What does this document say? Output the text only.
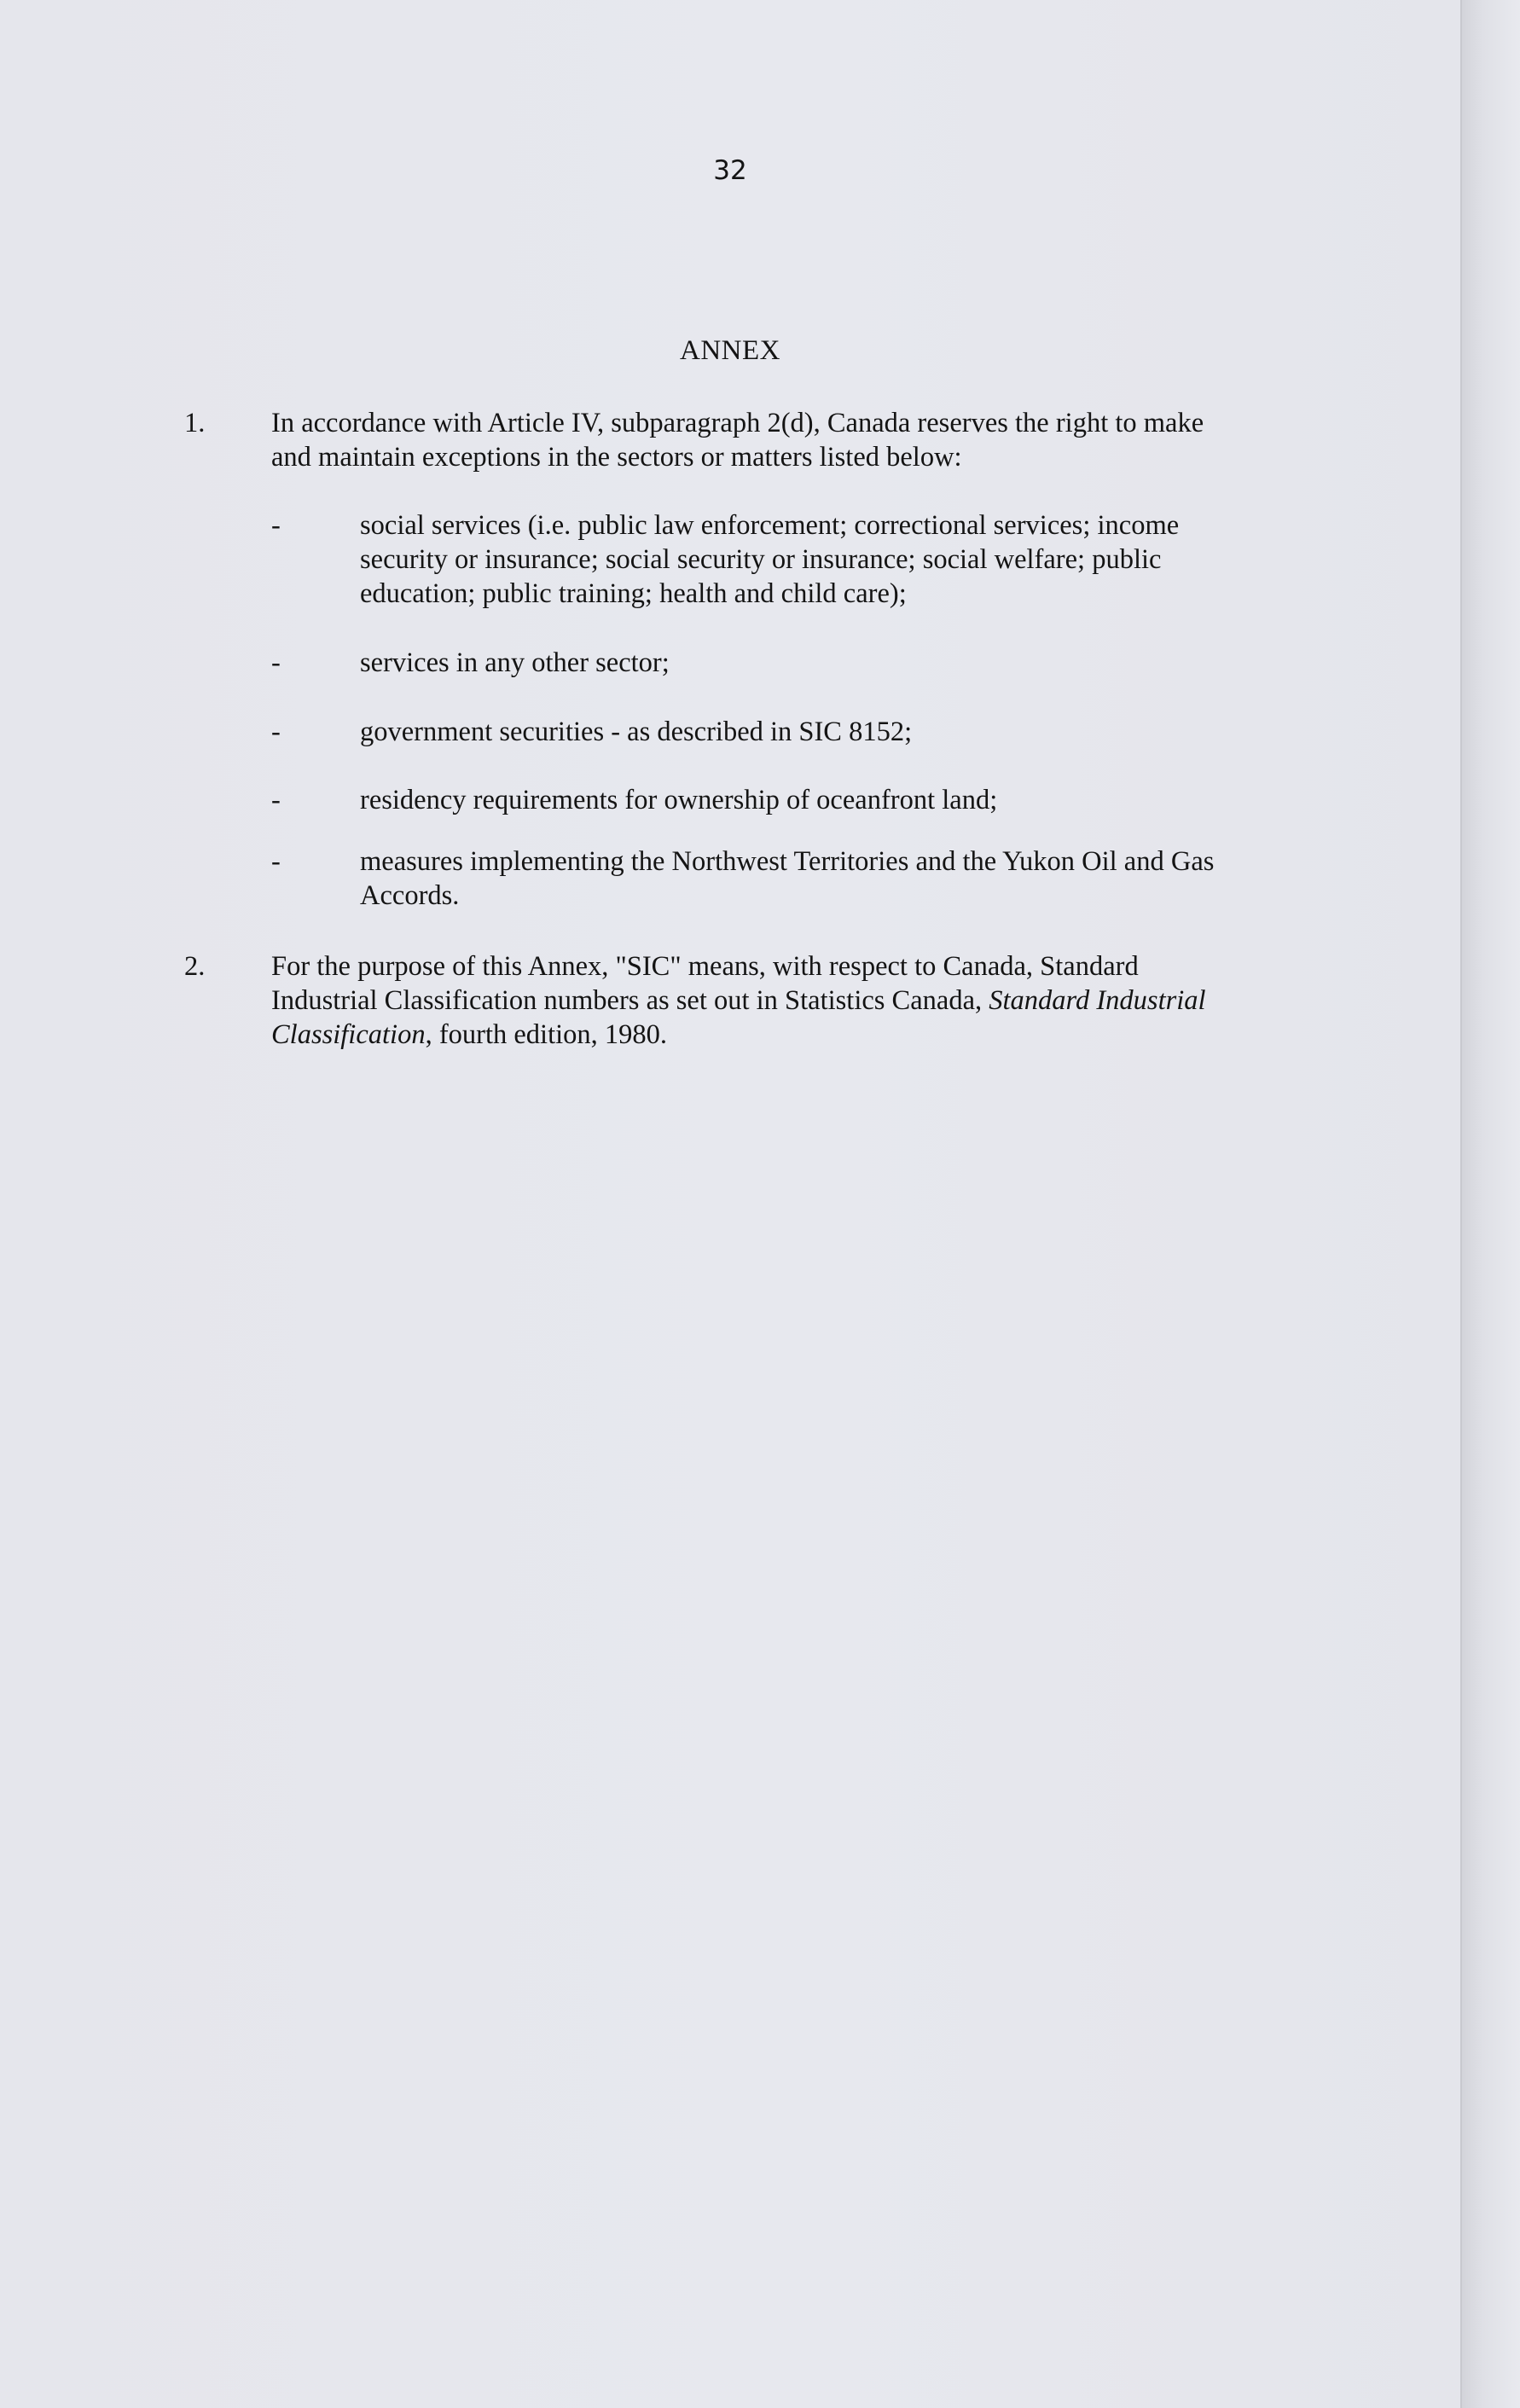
32
ANNEX
1. In accordance with Article IV, subparagraph 2(d), Canada reserves the right to make and maintain exceptions in the sectors or matters listed below:
-	social services (i.e. public law enforcement; correctional services; income security or insurance; social security or insurance; social welfare; public education; public training; health and child care);
-	services in any other sector;
-	government securities - as described in SIC 8152;
-	residency requirements for ownership of oceanfront land;
-	measures implementing the Northwest Territories and the Yukon Oil and Gas Accords.
2. For the purpose of this Annex, "SIC" means, with respect to Canada, Standard Industrial Classification numbers as set out in Statistics Canada, Standard Industrial Classification, fourth edition, 1980.
